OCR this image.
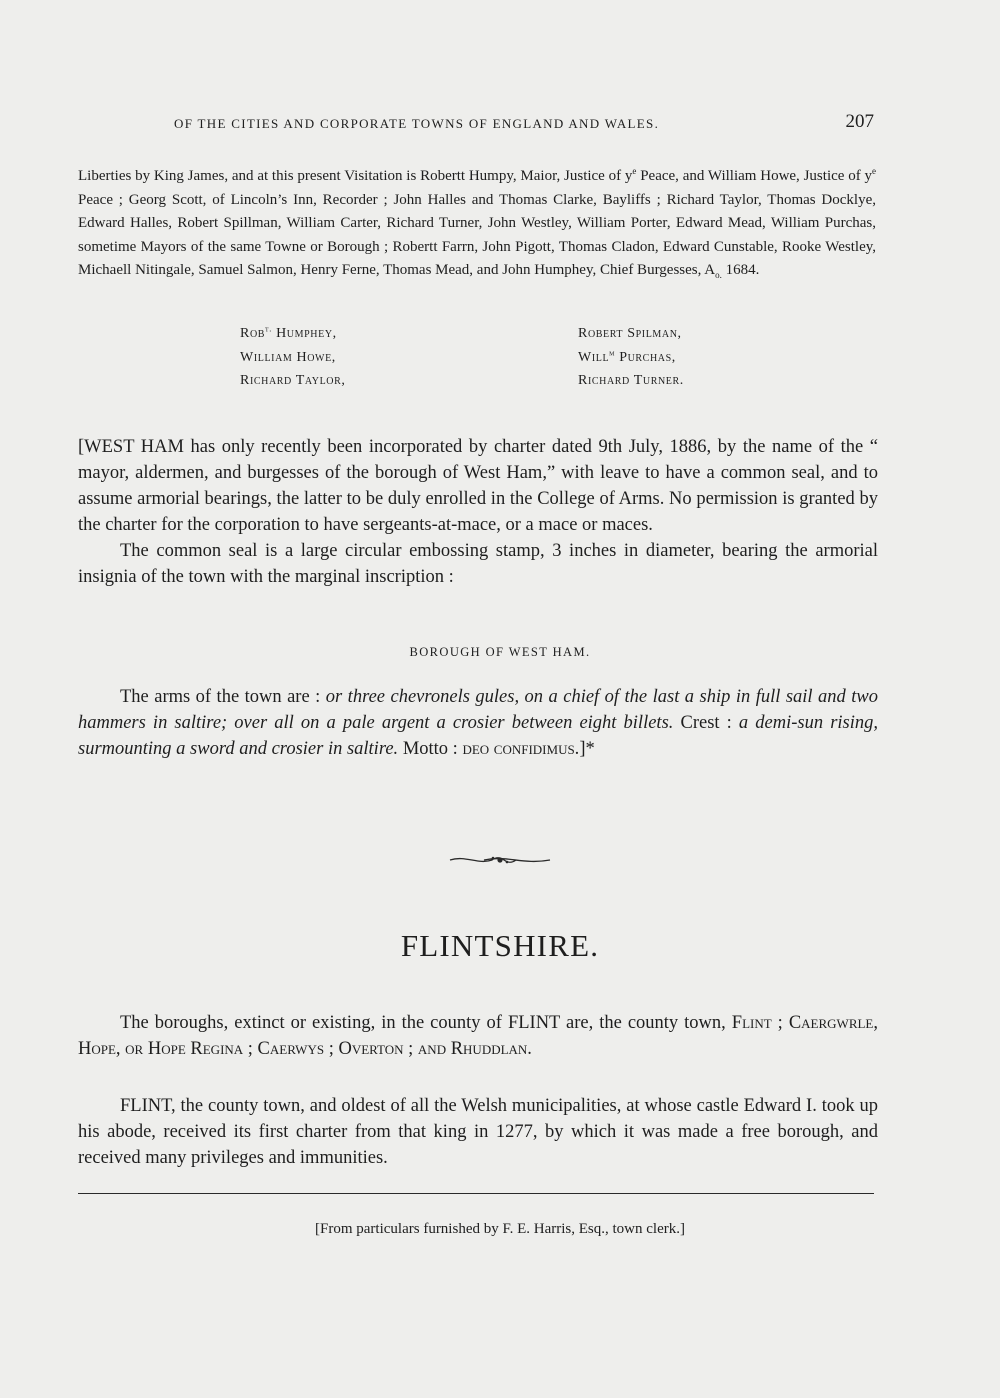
OF THE CITIES AND CORPORATE TOWNS OF ENGLAND AND WALES.	207
Liberties by King James, and at this present Visitation is Robertt Humpy, Maior, Justice of $y^e$ Peace, and William Howe, Justice of $y^e$ Peace ; Georg Scott, of Lincoln’s Inn, Recorder ; John Halles and Thomas Clarke, Bayliffs ; Richard Taylor, Thomas Docklye, Edward Halles, Robert Spillman, William Carter, Richard Turner, John Westley, William Porter, Edward Mead, William Purchas, sometime Mayors of the same Towne or Borough ; Robertt Farrn, John Pigott, Thomas Cladon, Edward Cunstable, Rooke Westley, Michaell Nitingale, Samuel Salmon, Henry Ferne, Thomas Mead, and John Humphey, Chief Burgesses, $A_{o.}$ 1684.
Rob$^{t.}$ Humphey,
William Howe,
Richard Taylor,
Robert Spilman,
Will$^m$ Purchas,
Richard Turner.

[WEST HAM has only recently been incorporated by charter dated 9th July, 1886, by the name of the “ mayor, aldermen, and burgesses of the borough of West Ham,” with leave to have a common seal, and to assume armorial bearings, the latter to be duly enrolled in the College of Arms. No permission is granted by the charter for the corporation to have sergeants-at-mace, or a mace or maces.

The common seal is a large circular embossing stamp, 3 inches in diameter, bearing the armorial insignia of the town with the marginal inscription :

BOROUGH OF WEST HAM.

The arms of the town are : or three chevronels gules, on a chief of the last a ship in full sail and two hammers in saltire; over all on a pale argent a crosier between eight billets. Crest : a demi-sun rising, surmounting a sword and crosier in saltire. Motto : deo confidimus.]*

FLINTSHIRE.

The boroughs, extinct or existing, in the county of FLINT are, the county town, Flint ; Caergwrle, Hope, or Hope Regina ; Caerwys ; Overton ; and Rhuddlan.

FLINT, the county town, and oldest of all the Welsh municipalities, at whose castle Edward I. took up his abode, received its first charter from that king in 1277, by which it was made a free borough, and received many privileges and immunities.

[From particulars furnished by F. E. Harris, Esq., town clerk.]
